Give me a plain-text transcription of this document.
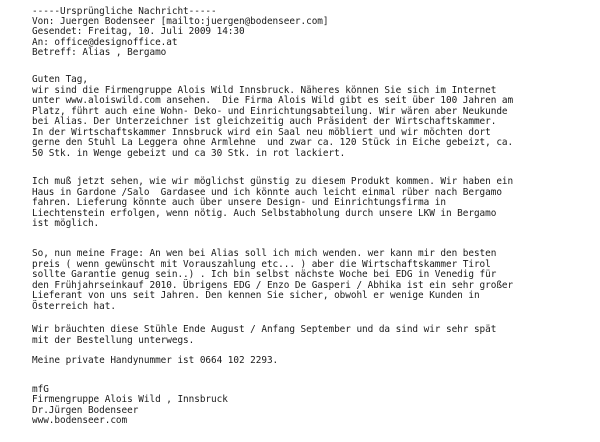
-----Ursprüngliche Nachricht-----

Von: Juergen Bodenseer [mailto:juergen@bodenseer.com]

Gesendet: Freitag, 10. Juli 2009 14:30

An: office@designoffice.at

Betreff: Alias , Bergamo

Guten Tag,

wir sind die Firmengruppe Alois Wild Innsbruck. Näheres können Sie sich im Internet

unter www.aloiswild.com ansehen.  Die Firma Alois Wild gibt es seit über 100 Jahren am

Platz, führt auch eine Wohn- Deko- und Einrichtungsabteilung. Wir wären aber Neukunde

bei Alias. Der Unterzeichner ist gleichzeitig auch Präsident der Wirtschaftskammer.

In der Wirtschaftskammer Innsbruck wird ein Saal neu möbliert und wir möchten dort

gerne den Stuhl La Leggera ohne Armlehne  und zwar ca. 120 Stück in Eiche gebeizt, ca.

50 Stk. in Wenge gebeizt und ca 30 Stk. in rot lackiert.

Ich muß jetzt sehen, wie wir möglichst günstig zu diesem Produkt kommen. Wir haben ein

Haus in Gardone /Salo  Gardasee und ich könnte auch leicht einmal rüber nach Bergamo

fahren. Lieferung könnte auch über unsere Design- und Einrichtungsfirma in

Liechtenstein erfolgen, wenn nötig. Auch Selbstabholung durch unsere LKW in Bergamo

ist möglich.

So, nun meine Frage: An wen bei Alias soll ich mich wenden. wer kann mir den besten

preis ( wenn gewünscht mit Vorauszahlung etc... ) aber die Wirtschaftskammer Tirol

sollte Garantie genug sein..) . Ich bin selbst nächste Woche bei EDG in Venedig für

den Frühjahrseinkauf 2010. Übrigens EDG / Enzo De Gasperi / Abhika ist ein sehr großer

Lieferant von uns seit Jahren. Den kennen Sie sicher, obwohl er wenige Kunden in

Österreich hat.

Wir bräuchten diese Stühle Ende August / Anfang September und da sind wir sehr spät

mit der Bestellung unterwegs.

Meine private Handynummer ist 0664 102 2293.

mfG

Firmengruppe Alois Wild , Innsbruck

Dr.Jürgen Bodenseer

www.bodenseer.com
